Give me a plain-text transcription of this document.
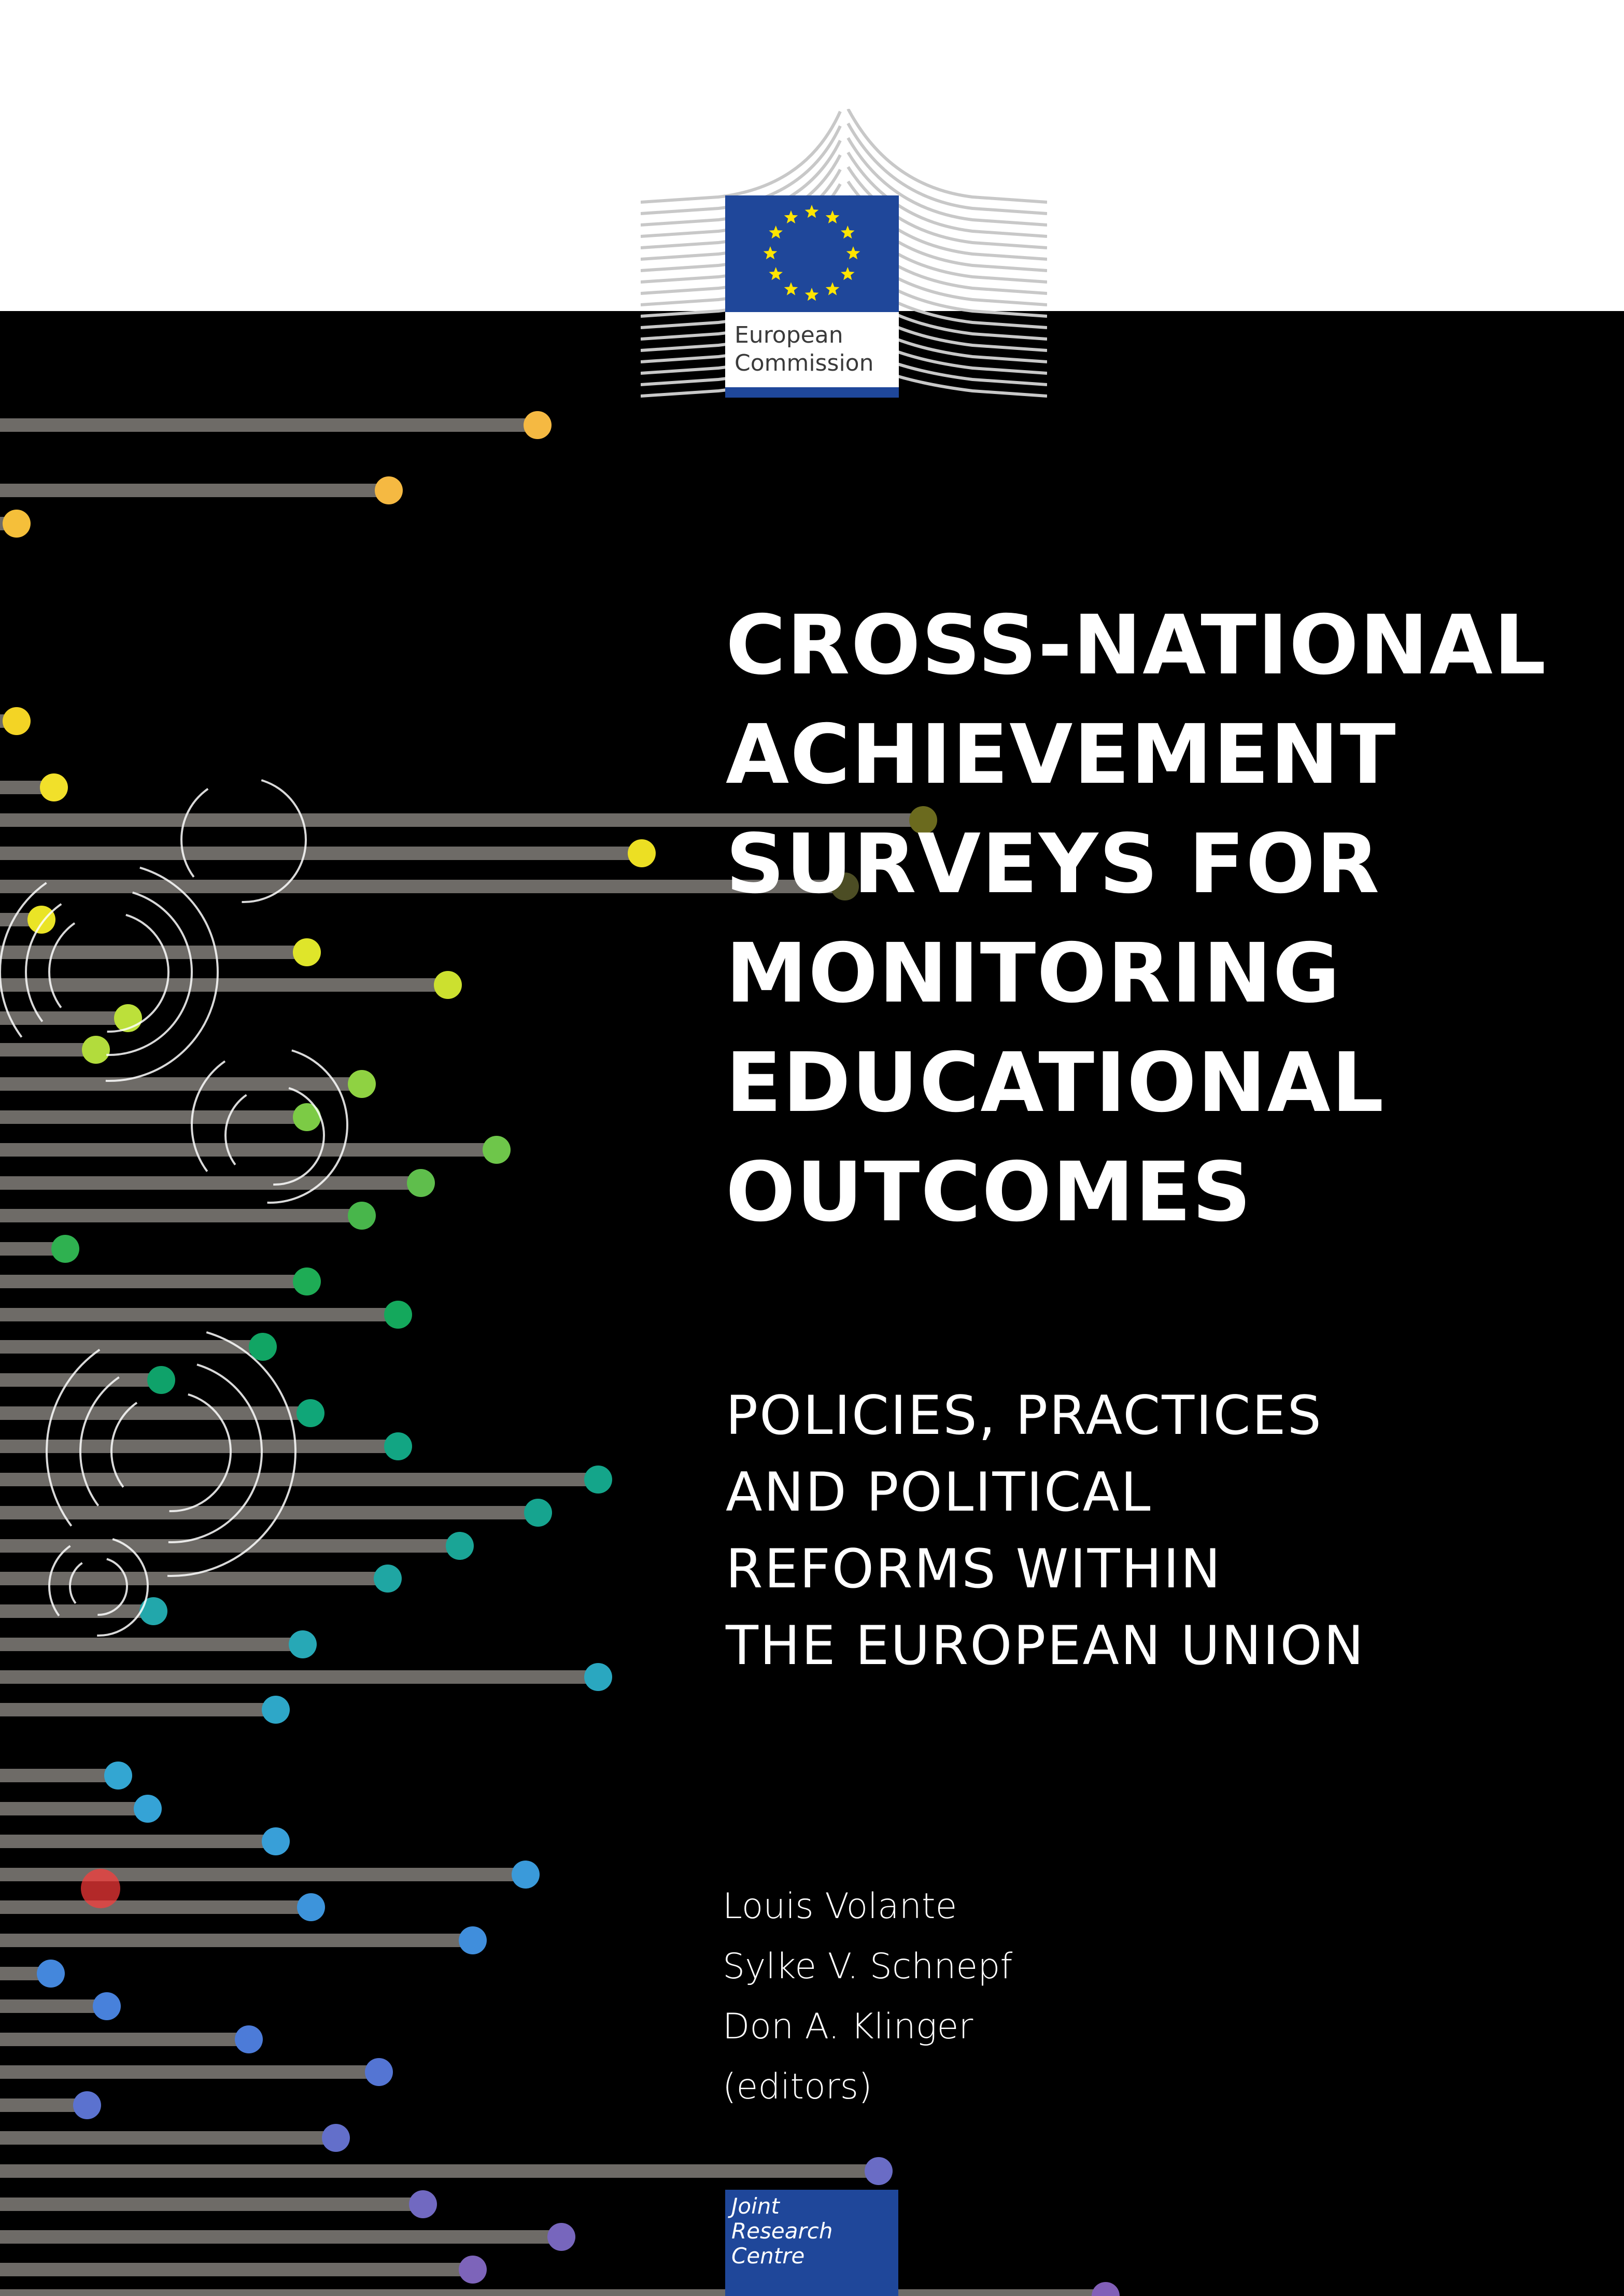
European
Commission
CROSS-NATIONAL
ACHIEVEMENT
SURVEYS FOR
MONITORING
EDUCATIONAL
OUTCOMES
POLICIES, PRACTICES
AND POLITICAL
REFORMS WITHIN
THE EUROPEAN UNION
Louis Volante
Sylke V. Schnepf
Don A. Klinger
(editors)
Joint
Research
Centre
